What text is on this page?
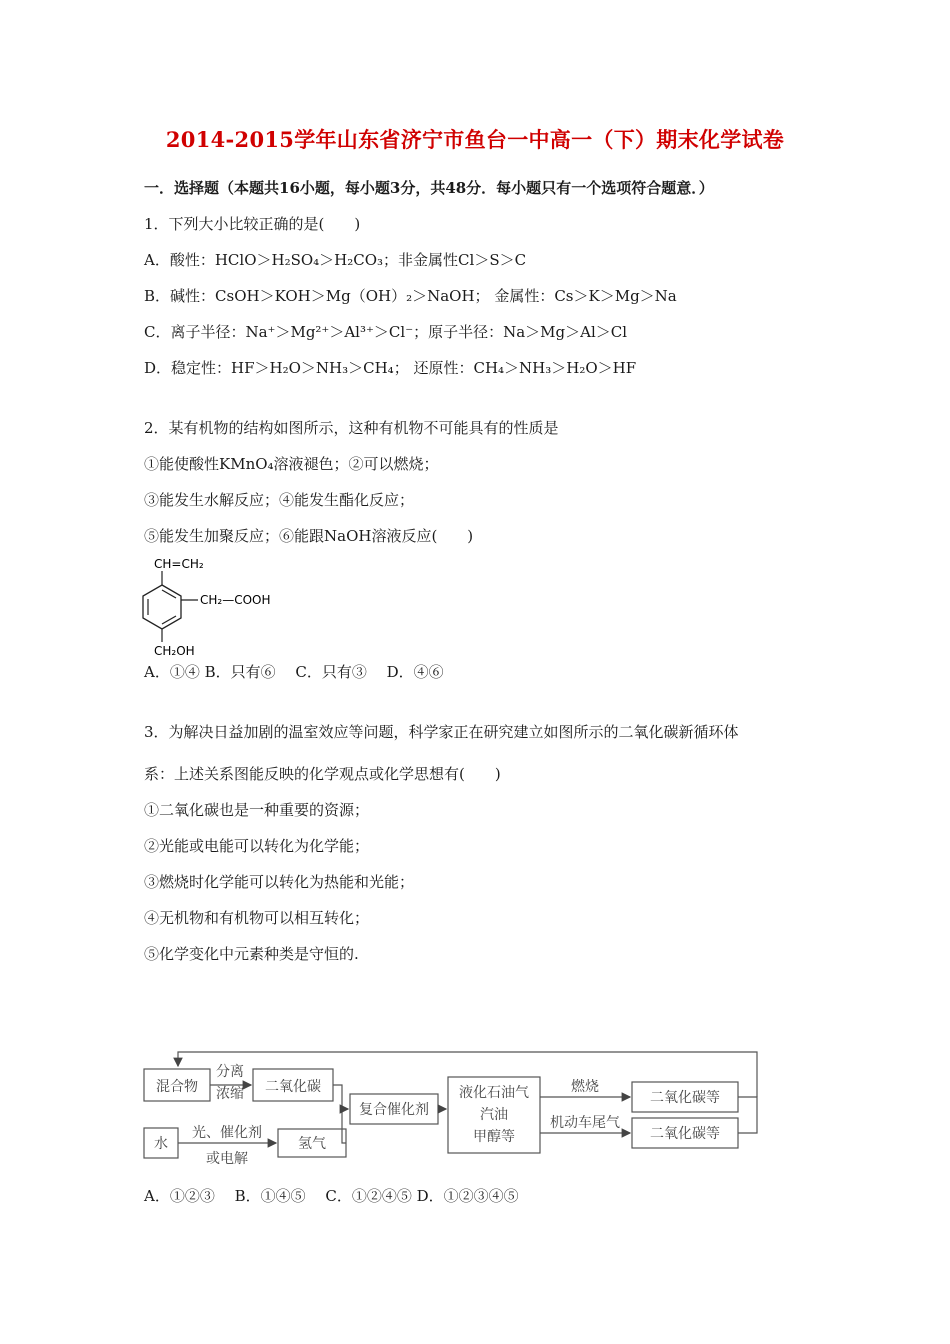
2014-2015学年山东省济宁市鱼台一中高一（下）期末化学试卷
一．选择题（本题共16小题，每小题3分，共48分．每小题只有一个选项符合题意．）
1．下列大小比较正确的是(　　)
A．酸性：HClO＞H₂SO₄＞H₂CO₃；非金属性Cl＞S＞C
B．碱性：CsOH＞KOH＞Mg（OH）₂＞NaOH； 金属性：Cs＞K＞Mg＞Na
C．离子半径：Na⁺＞Mg²⁺＞Al³⁺＞Cl⁻；原子半径：Na＞Mg＞Al＞Cl
D．稳定性：HF＞H₂O＞NH₃＞CH₄； 还原性：CH₄＞NH₃＞H₂O＞HF
2．某有机物的结构如图所示，这种有机物不可能具有的性质是
①能使酸性KMnO₄溶液褪色；②可以燃烧；
③能发生水解反应；④能发生酯化反应；
⑤能发生加聚反应；⑥能跟NaOH溶液反应(　　)
CH=CH₂
CH₂—COOH
CH₂OH
A．①④ B．只有⑥　 C．只有③　 D．④⑥
3．为解决日益加剧的温室效应等问题，科学家正在研究建立如图所示的二氧化碳新循环体
系：上述关系图能反映的化学观点或化学思想有(　　)
①二氧化碳也是一种重要的资源；
②光能或电能可以转化为化学能；
③燃烧时化学能可以转化为热能和光能；
④无机物和有机物可以相互转化；
⑤化学变化中元素种类是守恒的.
混合物
分离
浓缩 二氧化碳
水
光、催化剂
或电解
氢气
复合催化剂
液化石油气
汽油
甲醇等
燃烧
机动车尾气
二氧化碳等
二氧化碳等
A．①②③　 B．①④⑤　 C．①②④⑤ D．①②③④⑤
